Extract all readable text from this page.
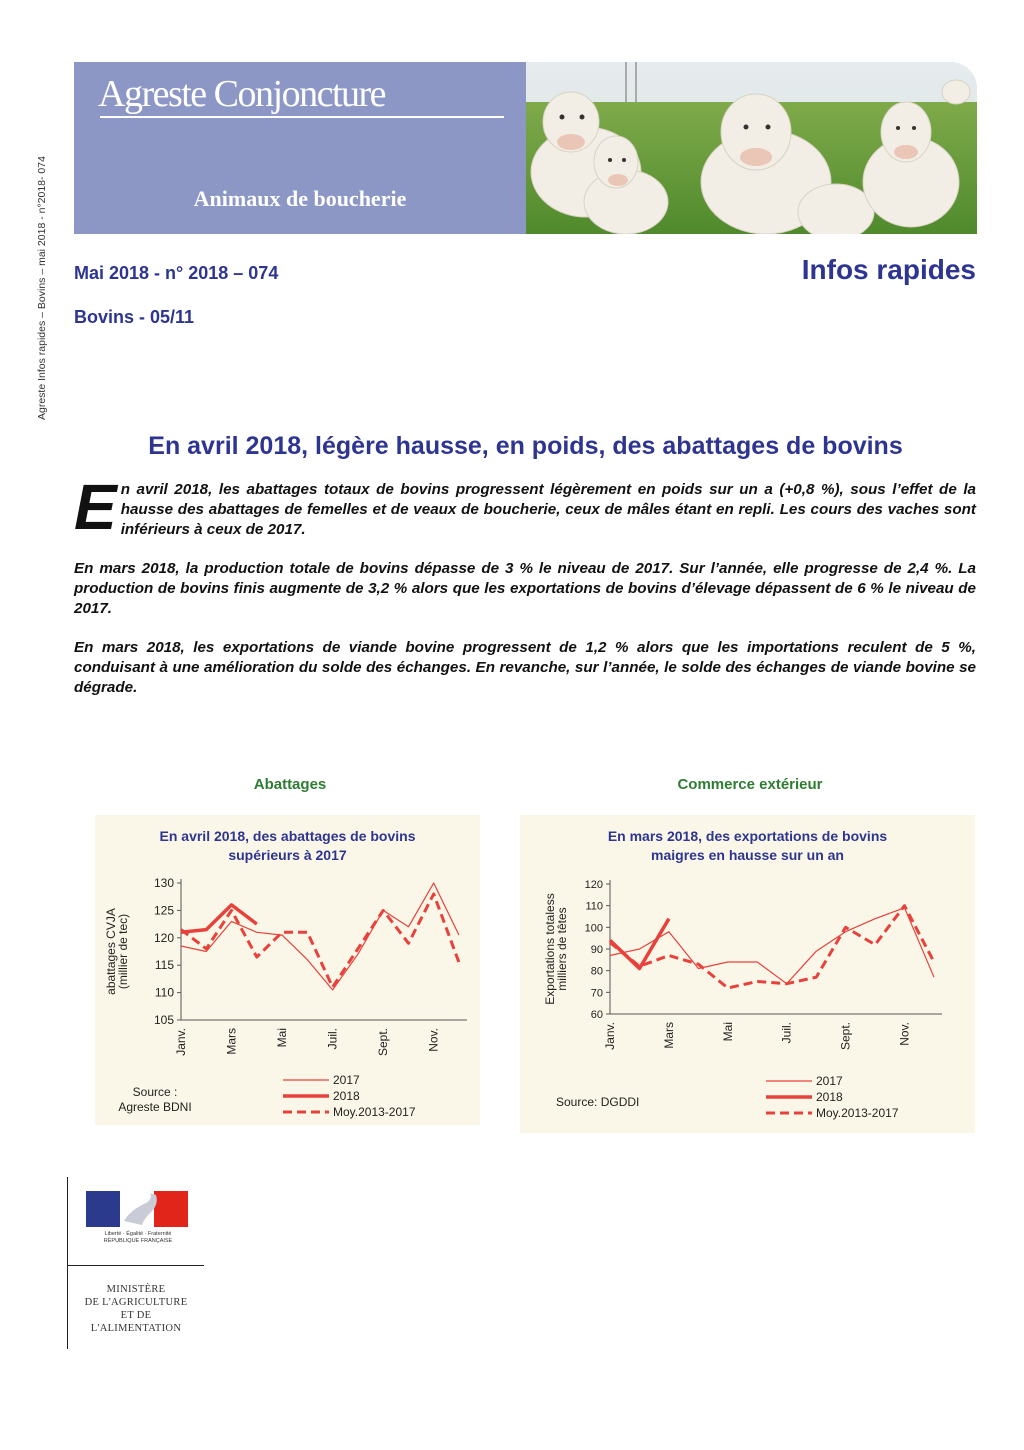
Agreste Infos rapides – Bovins – mai 2018 - n°2018- 074
Agreste Conjoncture
Animaux de boucherie
Mai 2018 - n° 2018 – 074
Bovins - 05/11
Infos rapides
En avril 2018, légère hausse, en poids, des abattages de bovins

En avril 2018, les abattages totaux de bovins progressent légèrement en poids sur un a (+0,8 %), sous l’effet de la hausse des abattages de femelles et de veaux de boucherie, ceux de mâles étant en repli. Les cours des vaches sont inférieurs à ceux de 2017.

En mars 2018, la production totale de bovins dépasse de 3 % le niveau de 2017. Sur l’année, elle progresse de 2,4 %. La production de bovins finis augmente de 3,2 % alors que les exportations de bovins d’élevage dépassent de 6 % le niveau de 2017.

En mars 2018, les exportations de viande bovine progressent de 1,2 % alors que les importations reculent de 5 %, conduisant à une amélioration du solde des échanges. En revanche, sur l’année, le solde des échanges de viande bovine se dégrade.

Abattages	Commerce extérieur
En avril 2018, des abattages de bovins
supérieurs à 2017
105
110
115
120
125
130
Janv.	Mars	Mai	Juil.	Sept.	Nov.
abattages CVJA
(millier de tec)
Source :
Agreste BDNI
2017
2018
Moy.2013-2017
En mars 2018, des exportations de bovins
maigres en hausse sur un an
60
70
80
90
100
110
120
Janv.	Mars	Mai	Juil.	Sept.	Nov.
Exportations totaless
milliers de têtes
Source: DGDDI
2017
2018
Moy.2013-2017
Liberté · Égalité · Fraternité
RÉPUBLIQUE FRANÇAISE
MINISTÈRE
DE L'AGRICULTURE
ET DE
L'ALIMENTATION
